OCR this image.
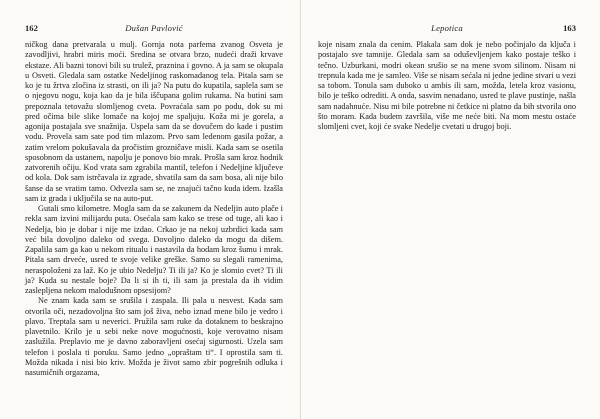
162	Dušan Pavlović

ničkog dana pretvarala u mulj. Gornja nota parfema zvanog Osveta je zavodljivi, hrabri miris moći. Sredina se otvara brzo, nudeći draži krvave ekstaze. Ali bazni tonovi bili su trulež, praznina i govno. A ja sam se okupala u Osveti. Gledala sam ostatke Nedeljinog raskomadanog tela. Pitala sam se ko je tu žrtva zločina iz strasti, on ili ja? Na putu do kupatila, saplela sam se o njegovu nogu, koja kao da je bila iščupana golim rukama. Na butini sam prepoznala tetovažu slomljenog cveta. Povraćala sam po podu, dok su mi pred očima bile slike lomače na kojoj me spaljuju. Koža mi je gorela, a agonija postajala sve snažnija. Uspela sam da se dovučem do kade i pustim vodu. Provela sam sate pod tim mlazom. Prvo sam ledenom gasila požar, a zatim vrelom pokušavala da pročistim grozničave misli. Kada sam se osetila sposobnom da ustanem, napolju je ponovo bio mrak. Prošla sam kroz hodnik zatvorenih očiju. Kod vrata sam zgrabila mantil, telefon i Nedeljine ključeve od kola. Dok sam istrčavala iz zgrade, shvatila sam da sam bosa, ali nije bilo šanse da se vratim tamo. Odvezla sam se, ne znajući tačno kuda idem. Izašla sam iz grada i uključila se na auto-put.

Gutali smo kilometre. Mogla sam da se zakunem da Nedeljin auto plače i rekla sam izvini milijardu puta. Osećala sam kako se trese od tuge, ali kao i Nedelja, bio je dobar i nije me izdao. Crkao je na nekoj uzbrdici kada sam već bila dovoljno daleko od svega. Dovoljno daleko da mogu da dišem. Zapalila sam ga kao u nekom ritualu i nastavila da hodam kroz šumu i mrak. Pitala sam drveće, usred te svoje velike greške. Samo su slegali ramenima, neraspoloženi za laž. Ko je ubio Nedelju? Ti ili ja? Ko je slomio cvet? Ti ili ja? Kuda su nestale boje? Da li si ih ti, ili sam ja prestala da ih vidim zaslepljena nekom malodušnom opsesijom?

Ne znam kada sam se srušila i zaspala. Ili pala u nesvest. Kada sam otvorila oči, nezadovoljna što sam još živa, nebo iznad mene bilo je vedro i plavo. Treptala sam u neverici. Pružila sam ruke da dotaknem to beskrajno plavetnilo. Krilo je u sebi neke nove mogućnosti, koje verovatno nisam zaslužila. Preplavio me je davno zaboravljeni osećaj sigurnosti. Uzela sam telefon i poslala ti poruku. Samo jedno „opraštam ti“. I oprostila sam ti. Možda nikada i nisi bio kriv. Možda je život samo zbir pogrešnih odluka i nasumičnih orgazama,

Lepotica	163

koje nisam znala da cenim. Plakala sam dok je nebo počinjalo da ključa i postajalo sve tamnije. Gledala sam sa oduševljenjem kako postaje teško i tečno. Uzburkani, modri okean srušio se na mene svom silinom. Nisam ni trepnula kada me je samleo. Više se nisam sećala ni jedne jedine stvari u vezi sa tobom. Tonula sam duboko u ambis ili sam, možda, letela kroz vasionu, bilo je teško odrediti. A onda, sasvim nenadano, usred te plave pustinje, našla sam nadahnuće. Nisu mi bile potrebne ni četkice ni platno da bih stvorila ono što moram. Kada budem završila, više me neće biti. Na mom mestu ostaće slomljeni cvet, koji će svake Nedelje cvetati u drugoj boji.
